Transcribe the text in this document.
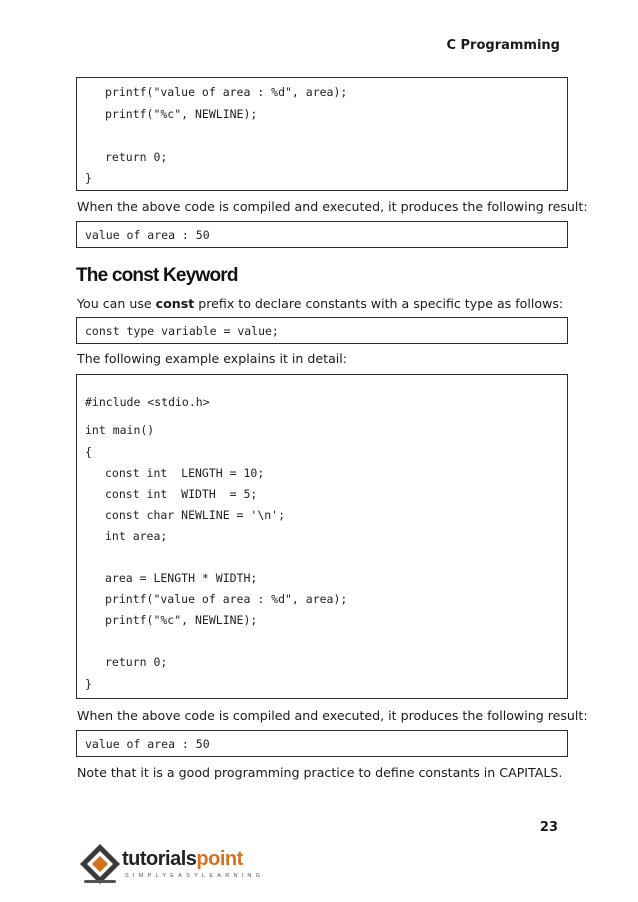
C Programming
printf("value of area : %d", area);
printf("%c", NEWLINE);
return 0;
}
When the above code is compiled and executed, it produces the following result:
value of area : 50
The const Keyword
You can use const prefix to declare constants with a specific type as follows:
const type variable = value;
The following example explains it in detail:
#include <stdio.h>
int main()
{
const int  LENGTH = 10;
const int  WIDTH  = 5;
const char NEWLINE = '\n';
int area;
area = LENGTH * WIDTH;
printf("value of area : %d", area);
printf("%c", NEWLINE);
return 0;
}
When the above code is compiled and executed, it produces the following result:
value of area : 50
Note that it is a good programming practice to define constants in CAPITALS.
23
tutorialspoint
SIMPLYEASYLEARNING
